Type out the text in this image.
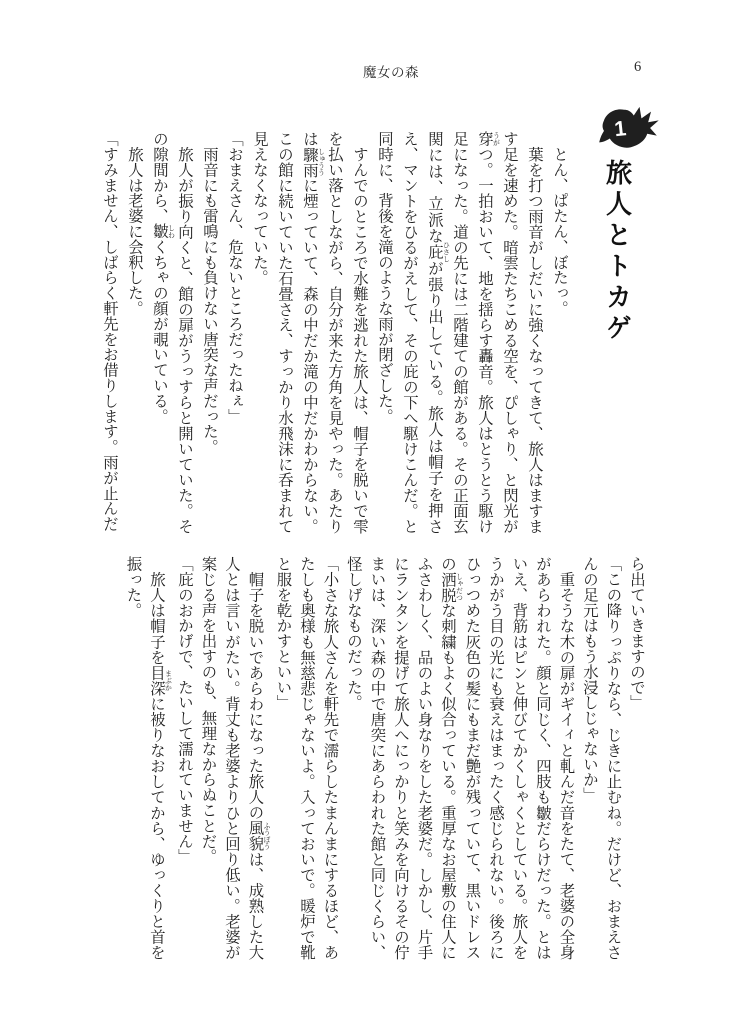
魔女の森	6
1
旅人とトカゲ

　とん、ぱたん、ぼたっ。

　葉を打つ雨音がしだいに強くなってきて、旅人はますます足を速めた。暗雲たちこめる空を、ぴしゃり、と閃光が穿 うがつ。一拍おいて、地を揺らす轟音。旅人はとうとう駆け足になった。道の先には二階建ての館がある。その正面玄関には、立派な庇 ひさしが張り出している。旅人は帽子を押さえ、マントをひるがえして、その庇の下へ駆けこんだ。と同時に、背後を滝のような雨が閉ざした。

　すんでのところで水難を逃れた旅人は、帽子を脱いで雫を払い落としながら、自分が来た方角を見やった。あたりは驟雨 しゅううに煙っていて、森の中だか滝の中だかわからない。この館に続いていた石畳さえ、すっかり水飛沫に呑まれて見えなくなっていた。

「おまえさん、危ないところだったねぇ」

　雨音にも雷鳴にも負けない唐突な声だった。

　旅人が振り向くと、館の扉がうっすらと開いていた。その隙間から、皺 しわくちゃの顔が覗いている。

　旅人は老婆に会釈した。

「すみません、しばらく軒先をお借りします。雨が止んだ

ら出ていきますので」

「この降りっぷりなら、じきに止むね。だけど、おまえさんの足元はもう水浸しじゃないか」

　重そうな木の扉がギイィと軋んだ音をたて、老婆の全身があらわれた。顔と同じく、四肢も皺だらけだった。とはいえ、背筋はピンと伸びてかくしゃくとしている。旅人をうかがう目の光にも衰えはまったく感じられない。後ろにひっつめた灰色の髪にもまだ艶が残っていて、黒いドレスの洒脱 しゃだつな刺繍もよく似合っている。重厚なお屋敷の住人にふさわしく、品のよい身なりをした老婆だ。しかし、片手にランタンを提げて旅人へにっかりと笑みを向けるその佇まいは、深い森の中で唐突にあらわれた館と同じくらい、怪しげなものだった。

「小さな旅人さんを軒先で濡らしたまんまにするほど、あたしも奥様も無慈悲じゃないよ。入っておいで。暖炉で靴と服を乾かすといい」

　帽子を脱いであらわになった旅人の風貌 ふうぼうは、成熟した大人とは言いがたい。背丈も老婆よりひと回り低い。老婆が案じる声を出すのも、無理なからぬことだ。

「庇のおかげで、たいして濡れていません」

　旅人は帽子を目深 まぶかに被りなおしてから、ゆっくりと首を振った。
